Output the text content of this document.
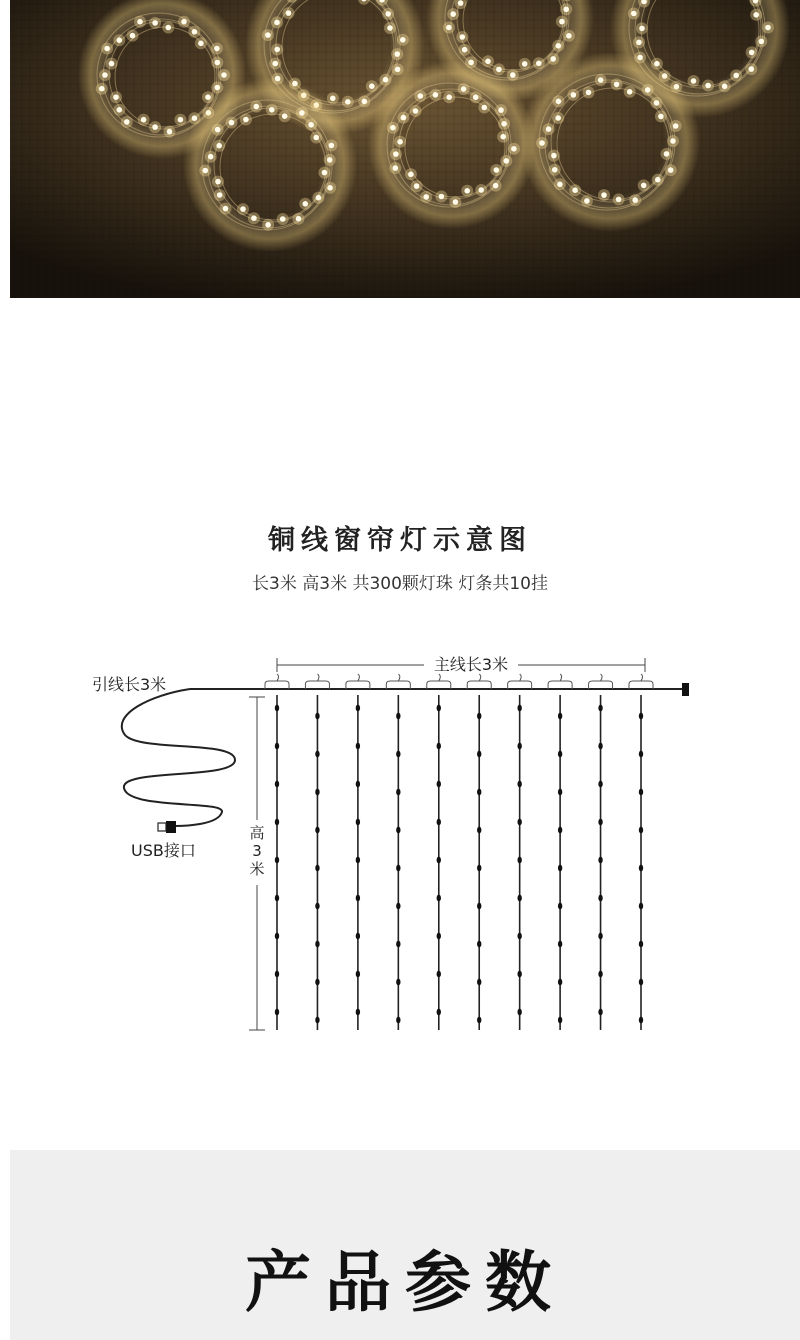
铜线窗帘灯示意图
长3米 高3米 共300颗灯珠 灯条共10挂
引线长3米
主线长3米
USB接口
高
3
米
产品参数
